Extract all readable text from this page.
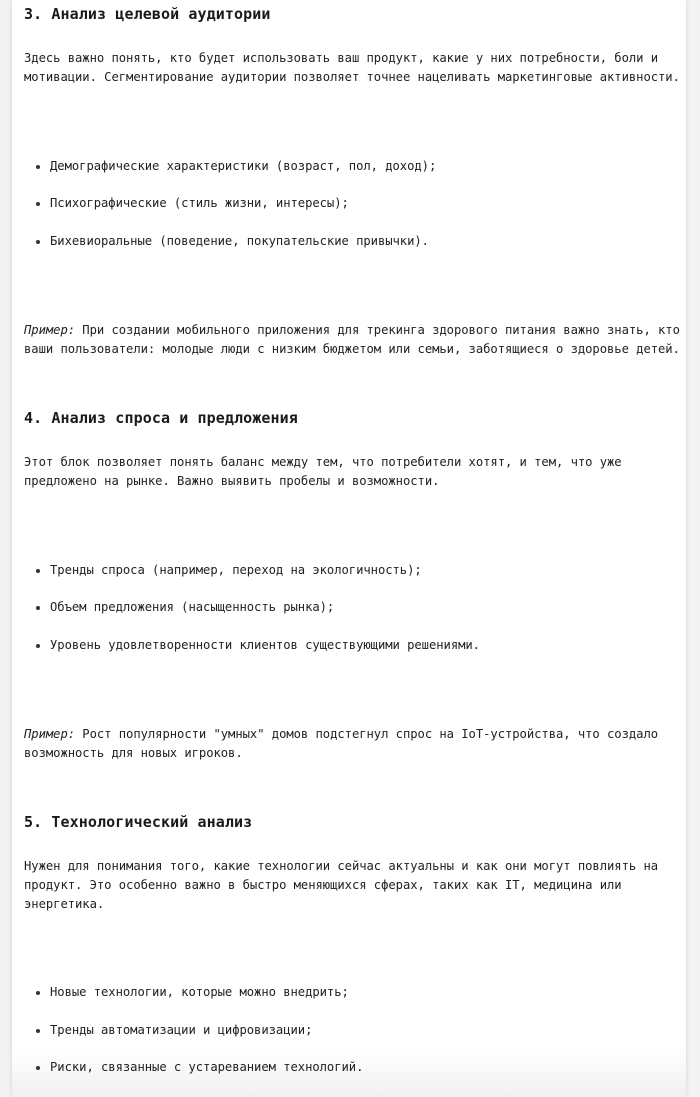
3. Анализ целевой аудитории

Здесь важно понять, кто будет использовать ваш продукт, какие у них потребности, боли и
мотивации. Сегментирование аудитории позволяет точнее нацеливать маркетинговые активности.

Демографические характеристики (возраст, пол, доход);
Психографические (стиль жизни, интересы);
Бихевиоральные (поведение, покупательские привычки).

Пример: При создании мобильного приложения для трекинга здорового питания важно знать, кто
ваши пользователи: молодые люди с низким бюджетом или семьи, заботящиеся о здоровье детей.

4. Анализ спроса и предложения

Этот блок позволяет понять баланс между тем, что потребители хотят, и тем, что уже
предложено на рынке. Важно выявить пробелы и возможности.

Тренды спроса (например, переход на экологичность);
Объем предложения (насыщенность рынка);
Уровень удовлетворенности клиентов существующими решениями.

Пример: Рост популярности "умных" домов подстегнул спрос на IoT-устройства, что создало
возможность для новых игроков.

5. Технологический анализ

Нужен для понимания того, какие технологии сейчас актуальны и как они могут повлиять на
продукт. Это особенно важно в быстро меняющихся сферах, таких как IT, медицина или
энергетика.

Новые технологии, которые можно внедрить;
Тренды автоматизации и цифровизации;
Риски, связанные с устареванием технологий.
